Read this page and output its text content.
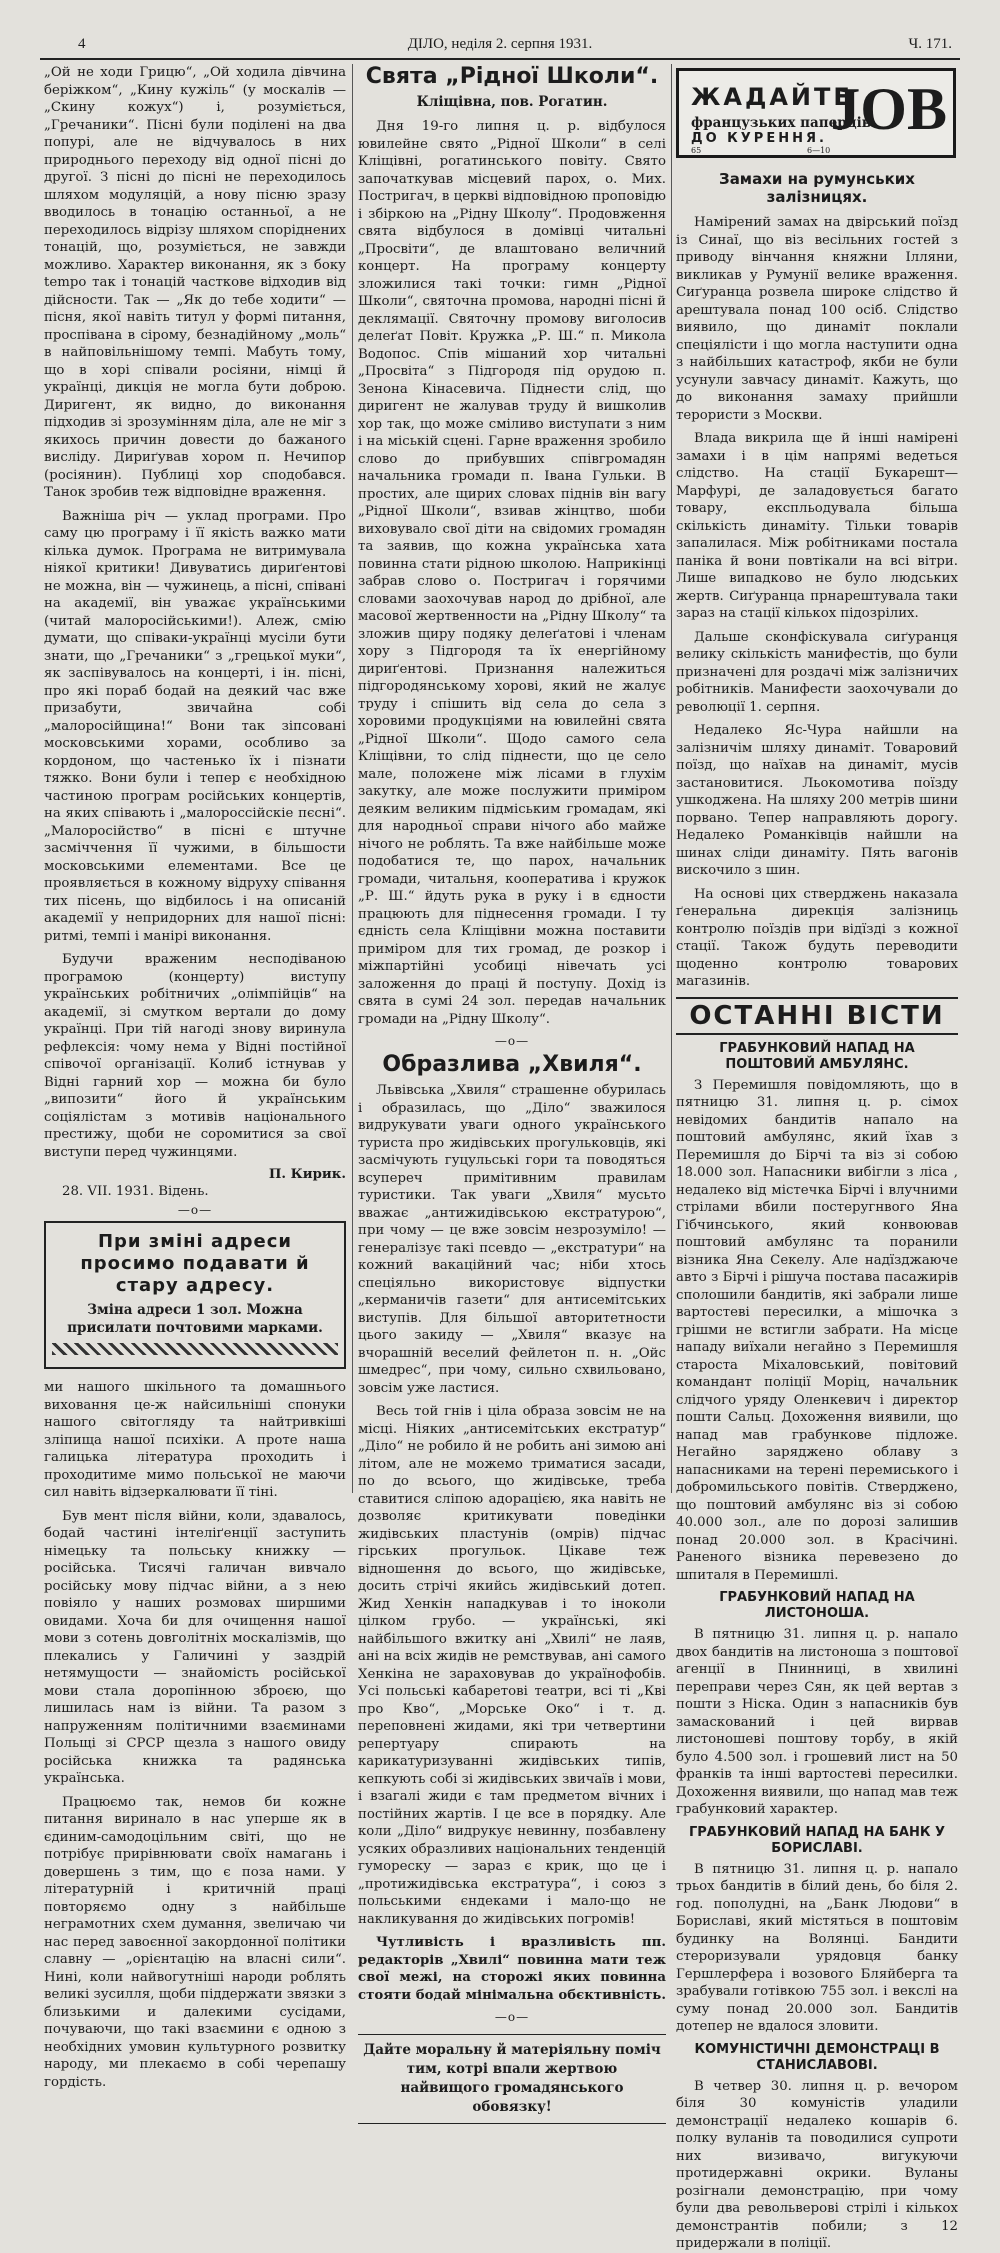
4	ДІЛО, неділя 2. серпня 1931.	Ч. 171.

„Ой не ходи Грицю“, „Ой ходила дівчина беріжком“, „Кину кужіль“ (у москалів — „Скину кожух“) і, розуміється, „Гречаники“. Пісні були поділені на два попурі, але не відчувалось в них природнього переходу від одної пісні до другої. З пісні до пісні не переходилось шляхом модуляцій, а нову пісню зразу вводилось в тонацію останньої, а не переходилось відрізу шляхом споріднених тонацій, що, розуміється, не завжди можливо. Характер виконання, як з боку tempo так і тонацій часткове відходив від дійсности. Так — „Як до тебе ходити“ — пісня, якої навіть титул у формі питання, проспівана в сірому, безнадійному „моль“ в найповільнішому темпі. Мабуть тому, що в хорі співали росіяни, німці й українці, дикція не могла бути доброю. Диригент, як видно, до виконання підходив зі зрозумінням діла, але не міг з якихось причин довести до бажаного висліду. Дириґував хором п. Нечипор (росіянин). Публиці хор сподобався. Танок зробив теж відповідне враження.

Важніша річ — уклад програми. Про саму цю програму і її якість важко мати кілька думок. Програма не витримувала ніякої критики! Дивуватись дириґентові не можна, він — чужинець, а пісні, співані на академії, він уважає українськими (читай малоросійськими!). Алеж, смію думати, що співаки-українці мусіли бути знати, що „Гречаники“ з „грецької муки“, як заспівувалось на концерті, і ін. пісні, про які пораб бодай на деякий час вже призабути, звичайна собі „малоросійщина!“ Вони так зіпсовані московськими хорами, особливо за кордоном, що частенько їх і пізнати тяжко. Вони були і тепер є необхідною частиною програм російських концертів, на яких співають і „малороссійскіе пєсні“. „Малоросійство“ в пісні є штучне засміччення її чужими, в більшости московськими елементами. Все це проявляється в кожному відруху співання тих пісень, що відбилось і на описаній академії у непридорних для нашої пісні: ритмі, темпі і манірі виконання.

Будучи враженим несподіваною програмою (концерту) виступу українських робітничих „олімпійців“ на академії, зі смутком вертали до дому українці. При тій нагоді знову виринула рефлексія: чому нема у Відні постійної співочої організації. Колиб істнував у Відні гарний хор — можна би було „випозити“ його й українським соціялістам з мотивів національного престижу, щоби не соромитися за свої виступи перед чужинцями.

П. Кирик.
28. VII. 1931. Відень.
—о—
При зміні адреси просимо подавати й стару адресу.
Зміна адреси 1 зол. Можна присилати почтовими марками.

ми нашого шкільного та домашнього виховання це-ж найсильніші спонуки нашого світогляду та найтривкіші зліпища нашої психіки. А проте наша галицька література проходить і проходитиме мимо польської не маючи сил навіть відзеркалювати її тіні.

Був мент після війни, коли, здавалось, бодай частині інтеліґенції заступить німецьку та польську книжку — російська. Тисячі галичан вивчало російську мову підчас війни, а з нею повіяло у наших розмовах ширшими овидами. Хоча би для очищення нашої мови з сотень довголітніх москалізмів, що плекались у Галичині у заздрій нетямущости — знайомість російської мови стала доропінною зброєю, що лишилась нам із війни. Та разом з напруженням політичними взаєминами Польщі зі СРСР щезла з нашого овиду російська книжка та радянська українська.

Працюємо так, немов би кожне питання виринало в нас уперше як в єдиним-самодоцільним світі, що не потрібує прирівнювати своїх намагань і довершень з тим, що є поза нами. У літературній і критичній праці повторяємо одну з найбільше неграмотних схем думання, звеличаю чи нас перед завоєнної закордонної політики славну — „орієнтацію на власні сили“. Нині, коли найвогутніші народи роблять великі зусилля, щоби піддержати звязки з близькими и далекими сусідами, почуваючи, що такі взаємини є одною з необхідних умовин культурного розвитку народу, ми плекаємо в собі черепашу гордість.

Свята „Рідної Школи“.
Кліщівна, пов. Рогатин.

Дня 19-го липня ц. р. відбулося ювилейне свято „Рідної Школи“ в селі Кліщівні, рогатинського повіту. Свято започаткував місцевий парох, о. Мих. Постригач, в церкві відповідною проповідю і збіркою на „Рідну Школу“. Продовження свята відбулося в домівці читальні „Просвіти“, де влаштовано величний концерт. На програму концерту зложилися такі точки: гимн „Рідної Школи“, святочна промова, народні пісні й деклямації. Святочну промову виголосив делеґат Повіт. Кружка „Р. Ш.“ п. Микола Водопос. Спів мішаний хор читальні „Просвіта“ з Підгородя під орудою п. Зенона Кінасевича. Піднести слід, що диригент не жалував труду й вишколив хор так, що може сміливо виступати з ним і на міській сцені. Гарне враження зробило слово до прибувших співгромадян начальника громади п. Івана Гульки. В простих, але щирих словах піднів він вагу „Рідної Школи“, взивав жінцтво, шоби виховувало свої діти на свідомих громадян та заявив, що кожна українська хата повинна стати рідною школою. Наприкінці забрав слово о. Постригач і горячими словами заохочував народ до дрібної, але масової жертвенности на „Рідну Школу“ та зложив щиру подяку делеґатові і членам хору з Підгородя та їх енергійному дириґентові. Признання належиться підгородянському хорові, який не жалує труду і спішить від села до села з хоровими продукціями на ювилейні свята „Рідної Школи“. Щодо самого села Кліщівни, то слід піднести, що це село мале, положене між лісами в глухім закутку, але може послужити приміром деяким великим підміським громадам, які для народньої справи нічого або майже нічого не роблять. Та вже найбільше може подобатися те, що парох, начальник громади, читальня, кооператива і кружок „Р. Ш.“ йдуть рука в руку і в єдности працюють для піднесення громади. І ту єдність села Кліщівни можна поставити приміром для тих громад, де розкор і міжпартійні усобиці нівечать усі заложення до праці й поступу. Дохід із свята в сумі 24 зол. передав начальник громади на „Рідну Школу“.

—о—
Образлива „Хвиля“.

Львівська „Хвиля“ страшенне обурилась і образилась, що „Діло“ зважилося видрукувати уваги одного українського туриста про жидівських прогульковців, які засмічують гуцульські гори та поводяться всупереч примітивним правилам туристики. Так уваги „Хвиля“ мусьто вважає „антижидівською екстратурою“, при чому — це вже зовсім незрозуміло! — генералізує такі псевдо — „екстратури“ на кожний вакаційний час; ніби хтось спеціяльно використовує відпустки „керманичів газети“ для антисемітських виступів. Для більшої авторитетности цього закиду — „Хвиля“ вказує на вчорашній веселий фейлетон п. н. „Ойс шмедрес“, при чому, сильно схвильовано, зовсім уже ластися.

Весь той гнів і ціла образа зовсім не на місці. Ніяких „антисемітських екстратур“ „Діло“ не робило й не робить ані зимою ані літом, але не можемо триматися засади, по до всього, що жидівське, треба ставитися сліпою адорацією, яка навіть не дозволяє критикувати поведінки жидівських пластунів (омрів) підчас гірських прогульок. Цікаве теж відношення до всього, що жидівське, досить стрічі якийсь жидівський дотеп. Жид Хенкін нападкував і то іноколи цілком грубо. — українські, які найбільшого вжитку ані „Хвилі“ не лаяв, ані на всіх жидів не ремствував, ані самого Хенкіна не зараховував до українофобів. Усі польські кабаретові театри, всі ті „Кві про Кво“, „Морське Око“ і т. д. переповнені жидами, які три четвертини репертуару спирають на карикатуризуванні жидівських типів, кепкують собі зі жидівських звичаїв і мови, і взагалі жиди є там предметом вічних і постійних жартів. І це все в порядку. Але коли „Діло“ видрукує невинну, позбавлену усяких образливих національних тенденцій гумореску — зараз є крик, що це і „протижидівська екстратура“, і союз з польськими єндеками і мало-що не накликування до жидівських погромів!

Чутливість і вразливість пп. редакторів „Хвилі“ повинна мати теж свої межі, на сторожі яких повинна стояти бодай мінімальна обєктивність.

—о—
Дайте моральну й матеріяльну поміч тим, котрі впали жертвою найвищого громадянського обовязку!
ЖАДАЙТЕ
французьких паперців
ДО КУРЕННЯ.
65	6—10
JOB
Замахи на румунських залізницях.

Намірений замах на двірський поїзд із Синаї, що віз весільних гостей з приводу вінчання княжни Ілляни, викликав у Румунії велике враження. Сиґуранца розвела широке слідство й арештувала понад 100 осіб. Слідство виявило, що динаміт поклали спеціялісти і що могла наступити одна з найбільших катастроф, якби не були усунули завчасу динаміт. Кажуть, що до виконання замаху прийшли терористи з Москви.

Влада викрила ще й інші намірені замахи і в цім напрямі ведеться слідство. На стації Букарешт—Марфурі, де заладовується багато товару, експльодувала більша скількість динаміту. Тільки товарів запалилася. Між робітниками постала паніка й вони повтікали на всі вітри. Лише випадково не було людських жертв. Сиґуранца прнарештувала таки зараз на стації кількох підозрілих.

Дальше сконфіскувала сиґуранця велику скількість манифестів, що були призначені для роздачі між залізничих робітників. Манифести заохочували до революції 1. серпня.

Недалеко Яс-Чура найшли на залізничім шляху динаміт. Товаровий поїзд, що наїхав на динаміт, мусів застановитися. Льокомотива поїзду ушкоджена. На шляху 200 метрів шини порвано. Тепер направляють дорогу. Недалеко Романківців найшли на шинах сліди динаміту. Пять вагонів вискочило з шин.

На основі цих стверджень наказала ґенеральна дирекція залізниць контролю поїздів при відїзді з кожної стації. Також будуть переводити щоденно контролю товарових магазинів.

ОСТАННІ ВІСТИ
ГРАБУНКОВИЙ НАПАД НА ПОШТОВИЙ АМБУЛЯНС.

З Перемишля повідомляють, що в пятницю 31. липня ц. р. сімох невідомих бандитів напало на поштовий амбулянс, який їхав з Перемишля до Бірчі та віз зі собою 18.000 зол. Напасники вибігли з ліса , недалеко від містечка Бірчі і влучними стрілами вбили постеругнвого Яна Гібчинського, який конвоював поштовий амбулянс та поранили візника Яна Секелу. Але надїзджаюче авто з Бірчі і рішуча постава пасажирів сполошили бандитів, які забрали лише вартостеві пересилки, а мішочка з грішми не встигли забрати. На місце нападу виїхали негайно з Перемишля староста Міхаловський, повітовий командант поліції Моріц, начальник слідчого уряду Оленкевич і директор пошти Сальц. Дохоження виявили, що напад мав грабункове підложе. Негайно зарядженo облаву з напасниками на терені перемиського і добромильського повітів. Стверджено, що поштовий амбулянс віз зі собою 40.000 зол., але по дорозі залишив понад 20.000 зол. в Красічині. Раненого візника перевезено до шпиталя в Перемишлі.

ГРАБУНКОВИЙ НАПАД НА ЛИСТОНОША.

В пятницю 31. липня ц. р. напало двох бандитів на листоноша з поштової агенції в Пнинниці, в хвилині переправи через Сян, як цей вертав з пошти з Ніска. Один з напасників був замаскований і цей вирвав листоношеві поштову торбу, в якій було 4.500 зол. і грошевий лист на 50 франків та інші вартостеві пересилки. Дохоження виявили, що напад мав теж грабунковий характер.

ГРАБУНКОВИЙ НАПАД НА БАНК У БОРИСЛАВІ.

В пятницю 31. липня ц. р. напало трьох бандитів в білий день, бо біля 2. год. пополудні, на „Банк Людови“ в Бориславі, який містяться в поштовім будинку на Волянці. Бандити стероризували урядовця банку Гершлерферa і возового Бляйберга та зрабували готівкою 755 зол. і векслі на суму понад 20.000 зол. Бандитів дотепер не вдалося зловити.

КОМУНІСТИЧНІ ДЕМОНСТРАЦІ В СТАНИСЛАВОВІ.

В четвер 30. липня ц. р. вечором біля 30 комуністів уладили демонстрації недалеко кошарів 6. полку вуланів та поводилися супроти них визивачо, вигукуючи протидержавні окрики. Вуланы розігнали демонстрацію, при чому були два револьверові стрілі і кількох демонстрантів побили; з 12 придержали в поліції.
